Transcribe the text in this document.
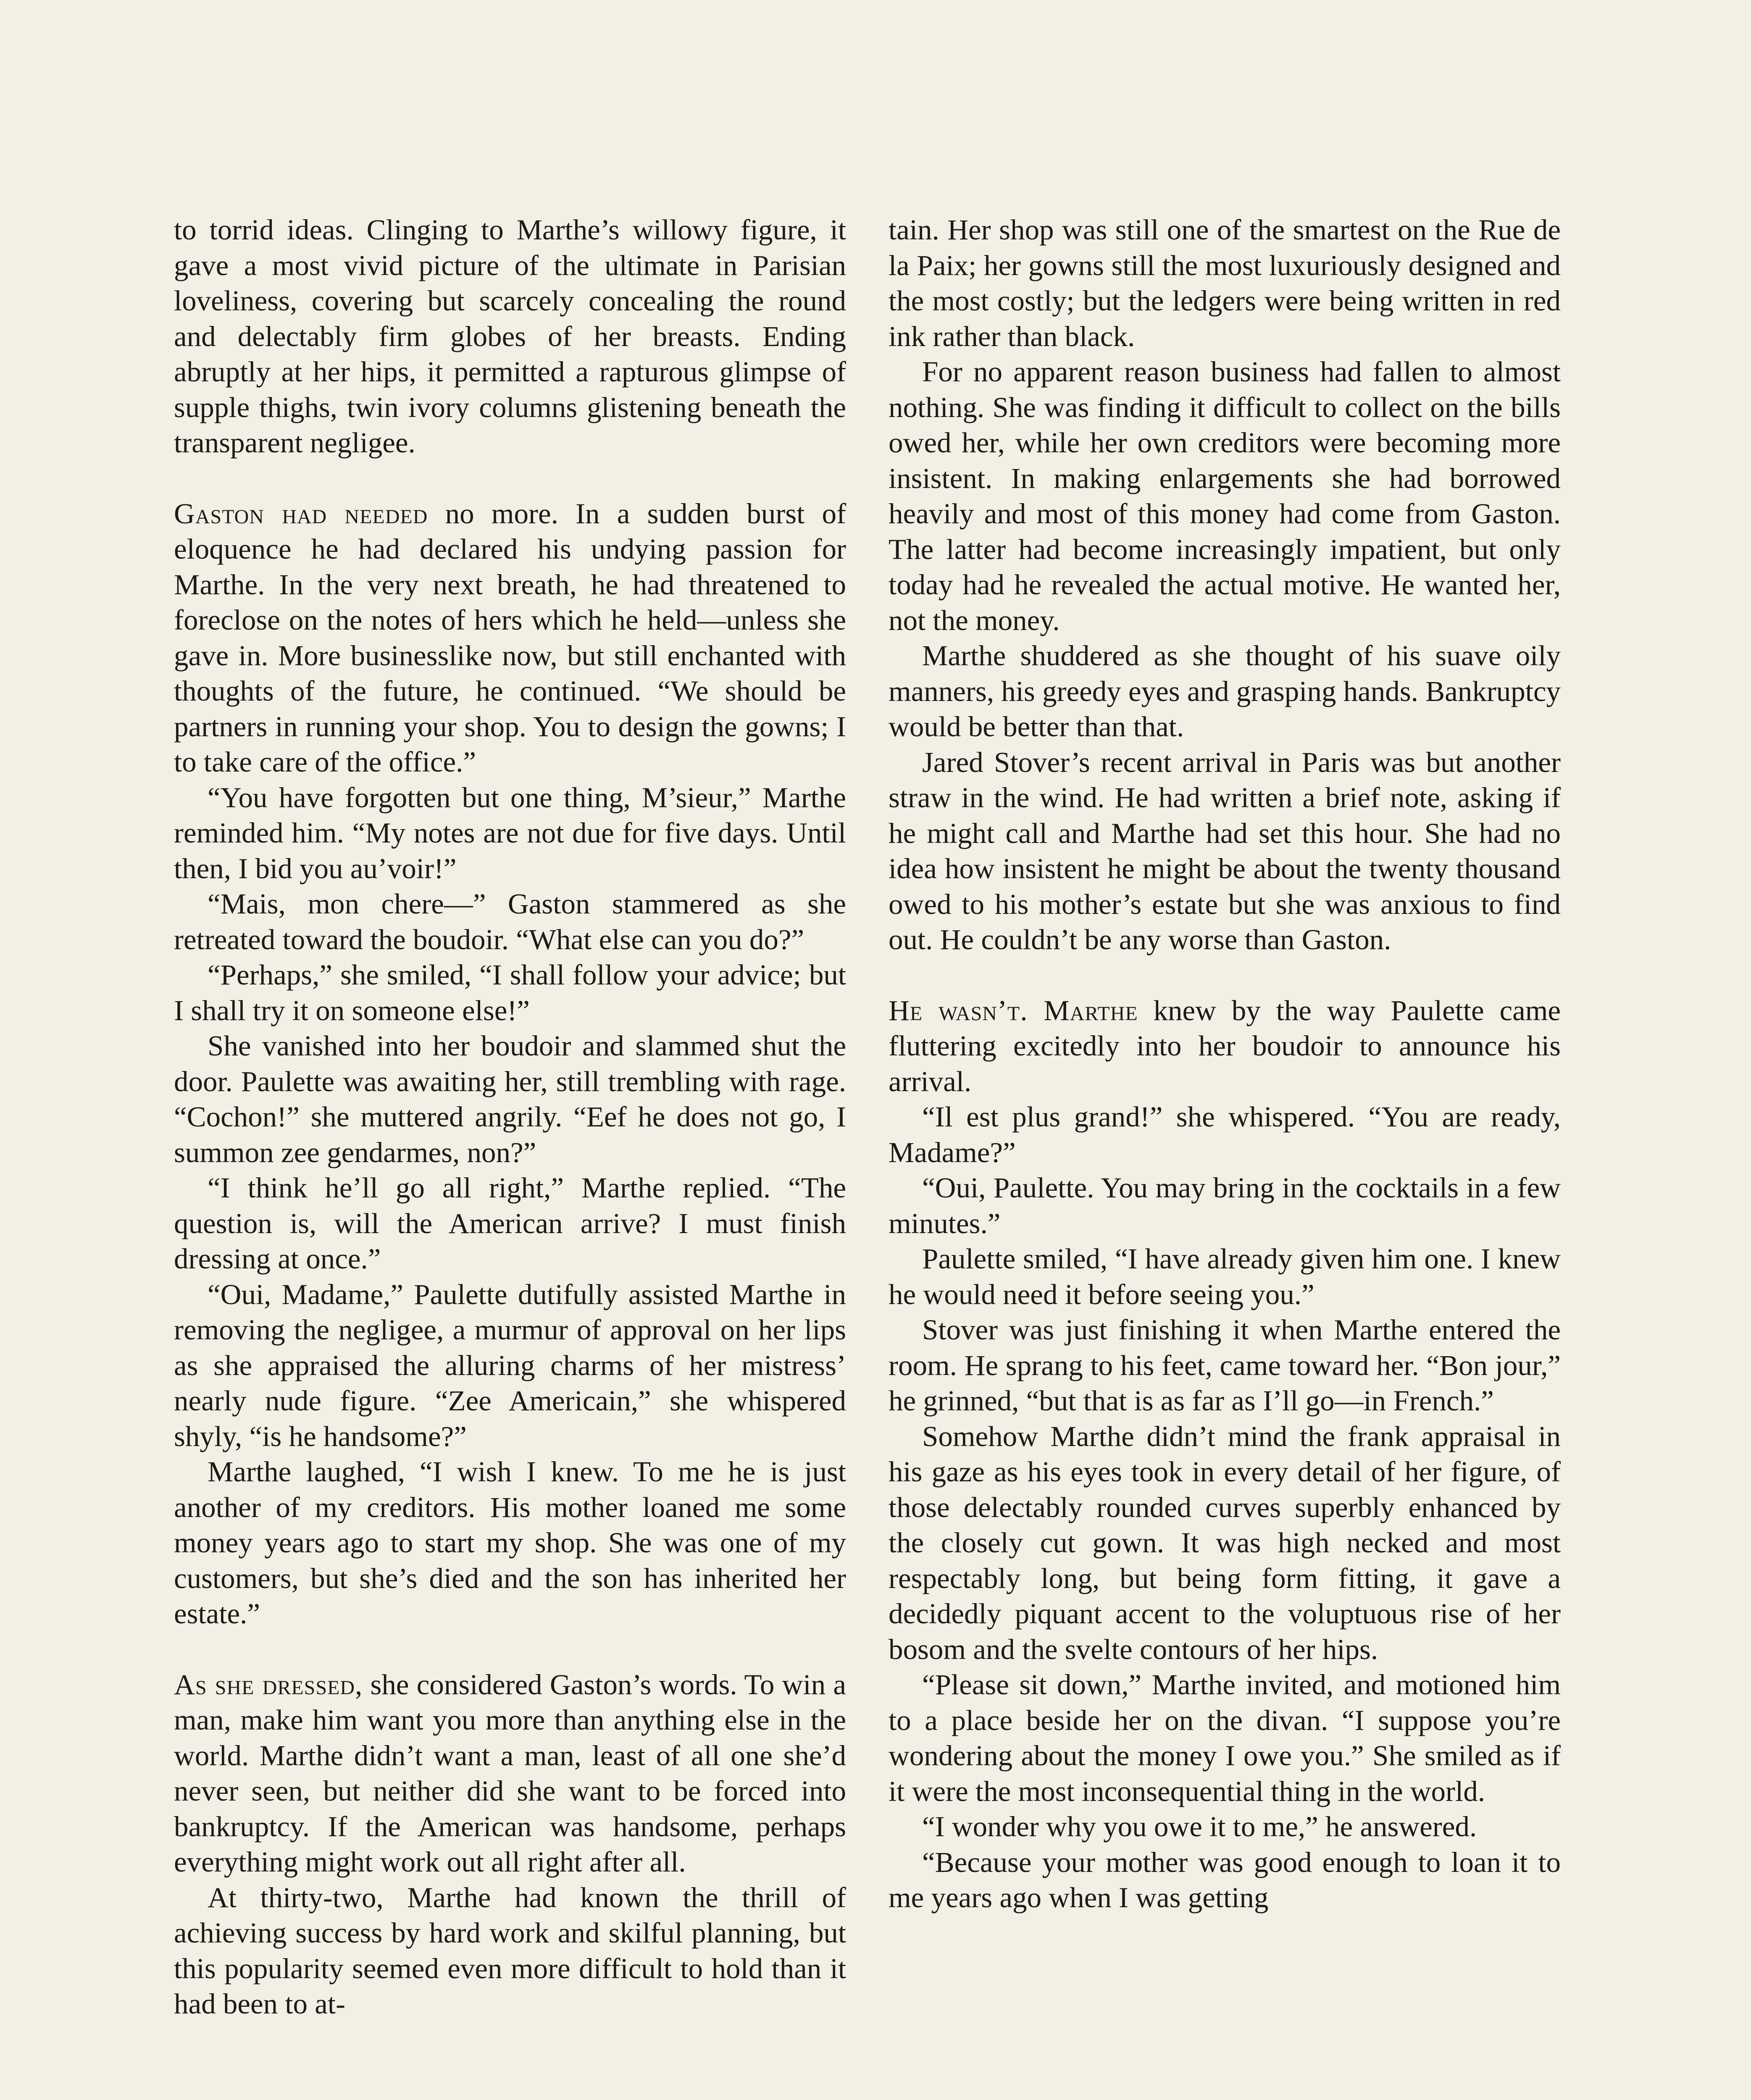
to torrid ideas. Clinging to Marthe’s willowy figure, it gave a most vivid picture of the ultimate in Parisian loveliness, covering but scarcely concealing the round and delectably firm globes of her breasts. Ending abruptly at her hips, it permitted a rapturous glimpse of supple thighs, twin ivory columns glistening beneath the transparent negligee.

Gaston had needed no more. In a sudden burst of eloquence he had declared his undying passion for Marthe. In the very next breath, he had threatened to foreclose on the notes of hers which he held—unless she gave in. More businesslike now, but still enchanted with thoughts of the future, he continued. “We should be partners in running your shop. You to design the gowns; I to take care of the office.”

“You have forgotten but one thing, M’sieur,” Marthe reminded him. “My notes are not due for five days. Until then, I bid you au’voir!”

“Mais, mon chere—” Gaston stammered as she retreated toward the boudoir. “What else can you do?”

“Perhaps,” she smiled, “I shall follow your advice; but I shall try it on someone else!”

She vanished into her boudoir and slammed shut the door. Paulette was awaiting her, still trembling with rage. “Cochon!” she muttered angrily. “Eef he does not go, I summon zee gendarmes, non?”

“I think he’ll go all right,” Marthe replied. “The question is, will the American arrive? I must finish dressing at once.”

“Oui, Madame,” Paulette dutifully assisted Marthe in removing the negligee, a murmur of approval on her lips as she appraised the alluring charms of her mistress’ nearly nude figure. “Zee Americain,” she whispered shyly, “is he handsome?”

Marthe laughed, “I wish I knew. To me he is just another of my creditors. His mother loaned me some money years ago to start my shop. She was one of my customers, but she’s died and the son has inherited her estate.”

As she dressed, she considered Gaston’s words. To win a man, make him want you more than anything else in the world. Marthe didn’t want a man, least of all one she’d never seen, but neither did she want to be forced into bankruptcy. If the American was handsome, perhaps everything might work out all right after all.

At thirty-two, Marthe had known the thrill of achieving success by hard work and skilful planning, but this popularity seemed even more difficult to hold than it had been to at-

tain. Her shop was still one of the smartest on the Rue de la Paix; her gowns still the most luxuriously designed and the most costly; but the ledgers were being written in red ink rather than black.

For no apparent reason business had fallen to almost nothing. She was finding it difficult to collect on the bills owed her, while her own creditors were becoming more insistent. In making enlargements she had borrowed heavily and most of this money had come from Gaston. The latter had become increasingly impatient, but only today had he revealed the actual motive. He wanted her, not the money.

Marthe shuddered as she thought of his suave oily manners, his greedy eyes and grasping hands. Bankruptcy would be better than that.

Jared Stover’s recent arrival in Paris was but another straw in the wind. He had written a brief note, asking if he might call and Marthe had set this hour. She had no idea how insistent he might be about the twenty thousand owed to his mother’s estate but she was anxious to find out. He couldn’t be any worse than Gaston.

He wasn’t. Marthe knew by the way Paulette came fluttering excitedly into her boudoir to announce his arrival.

“Il est plus grand!” she whispered. “You are ready, Madame?”

“Oui, Paulette. You may bring in the cocktails in a few minutes.”

Paulette smiled, “I have already given him one. I knew he would need it before seeing you.”

Stover was just finishing it when Marthe entered the room. He sprang to his feet, came toward her. “Bon jour,” he grinned, “but that is as far as I’ll go—in French.”

Somehow Marthe didn’t mind the frank appraisal in his gaze as his eyes took in every detail of her figure, of those delectably rounded curves superbly enhanced by the closely cut gown. It was high necked and most respectably long, but being form fitting, it gave a decidedly piquant accent to the voluptuous rise of her bosom and the svelte contours of her hips.

“Please sit down,” Marthe invited, and motioned him to a place beside her on the divan. “I suppose you’re wondering about the money I owe you.” She smiled as if it were the most inconsequential thing in the world.

“I wonder why you owe it to me,” he answered.

“Because your mother was good enough to loan it to me years ago when I was getting
